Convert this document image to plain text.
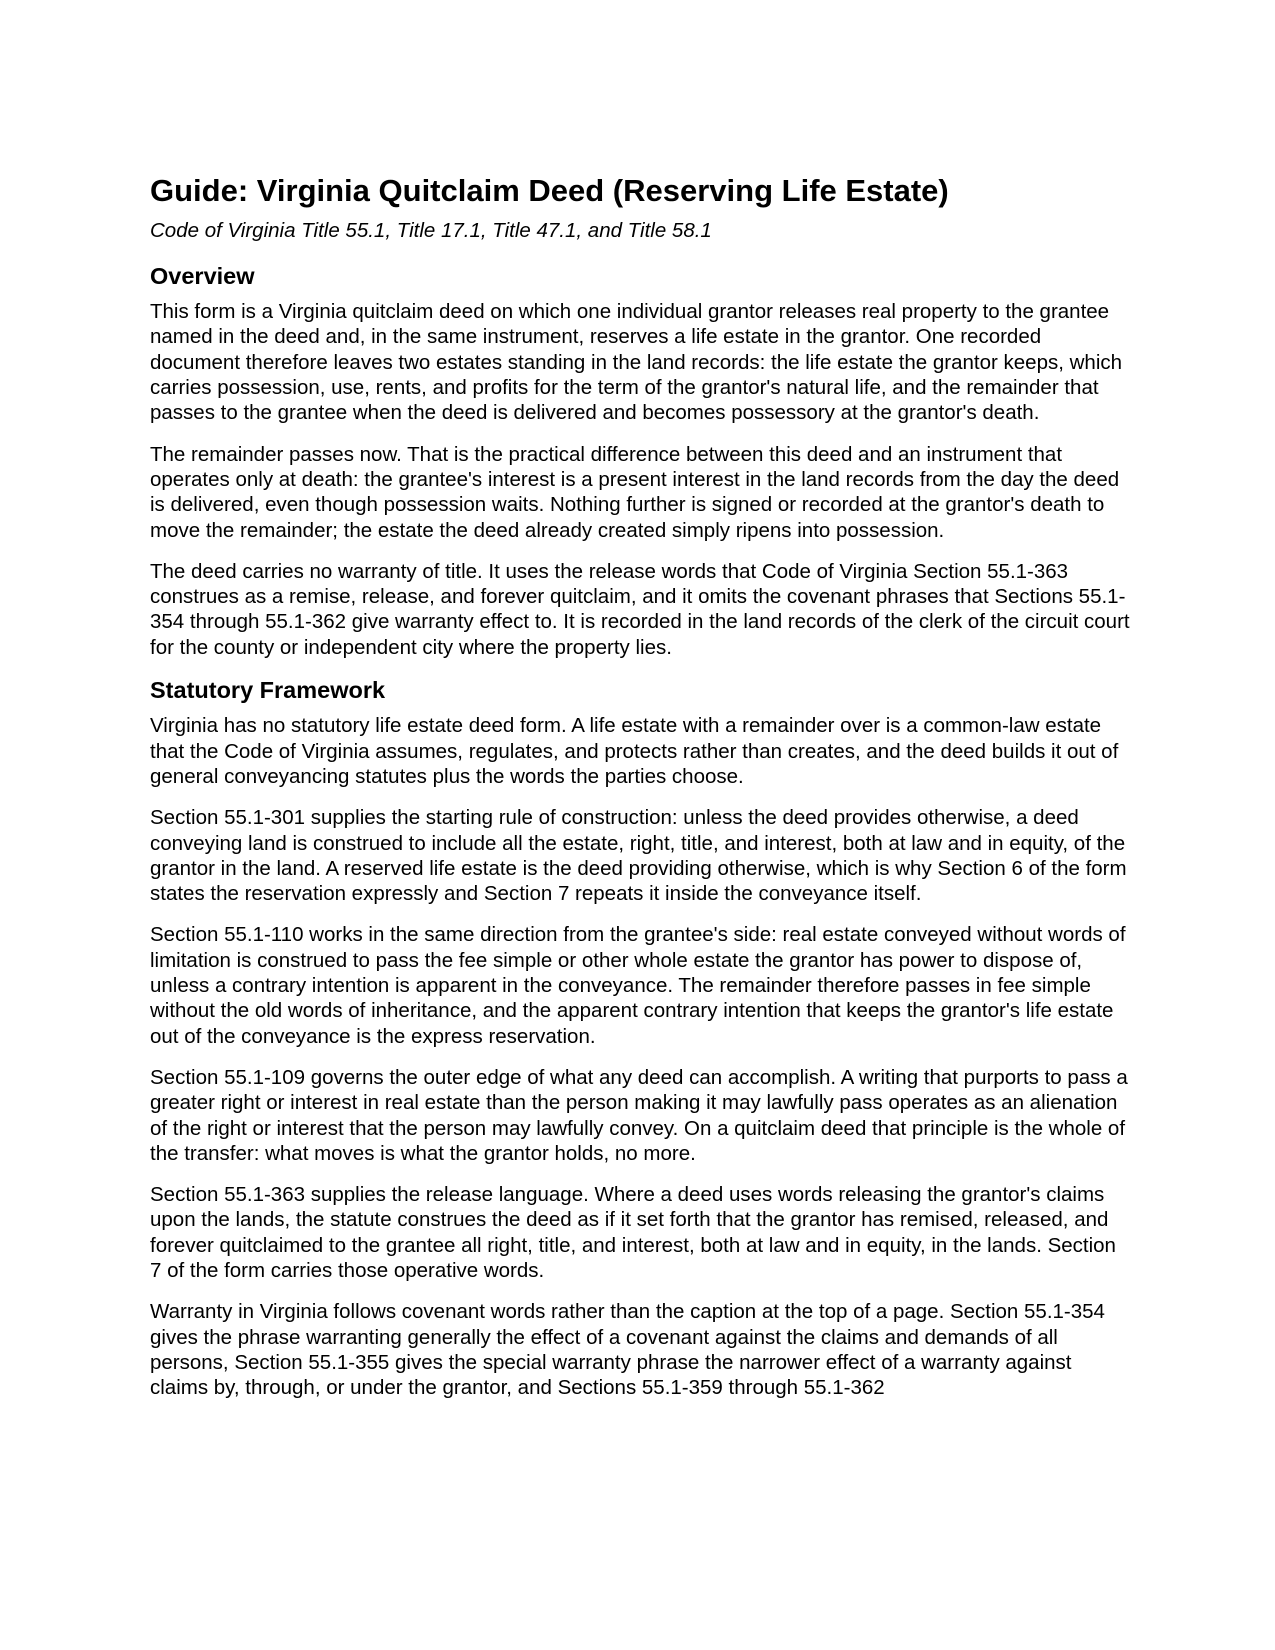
Guide: Virginia Quitclaim Deed (Reserving Life Estate)
Code of Virginia Title 55.1, Title 17.1, Title 47.1, and Title 58.1
Overview

This form is a Virginia quitclaim deed on which one individual grantor releases real property to the grantee named in the deed and, in the same instrument, reserves a life estate in the grantor. One recorded document therefore leaves two estates standing in the land records: the life estate the grantor keeps, which carries possession, use, rents, and profits for the term of the grantor's natural life, and the remainder that passes to the grantee when the deed is delivered and becomes possessory at the grantor's death.

The remainder passes now. That is the practical difference between this deed and an instrument that operates only at death: the grantee's interest is a present interest in the land records from the day the deed is delivered, even though possession waits. Nothing further is signed or recorded at the grantor's death to move the remainder; the estate the deed already created simply ripens into possession.

The deed carries no warranty of title. It uses the release words that Code of Virginia Section 55.1-363 construes as a remise, release, and forever quitclaim, and it omits the covenant phrases that Sections 55.1-354 through 55.1-362 give warranty effect to. It is recorded in the land records of the clerk of the circuit court for the county or independent city where the property lies.

Statutory Framework

Virginia has no statutory life estate deed form. A life estate with a remainder over is a common-law estate that the Code of Virginia assumes, regulates, and protects rather than creates, and the deed builds it out of general conveyancing statutes plus the words the parties choose.

Section 55.1-301 supplies the starting rule of construction: unless the deed provides otherwise, a deed conveying land is construed to include all the estate, right, title, and interest, both at law and in equity, of the grantor in the land. A reserved life estate is the deed providing otherwise, which is why Section 6 of the form states the reservation expressly and Section 7 repeats it inside the conveyance itself.

Section 55.1-110 works in the same direction from the grantee's side: real estate conveyed without words of limitation is construed to pass the fee simple or other whole estate the grantor has power to dispose of, unless a contrary intention is apparent in the conveyance. The remainder therefore passes in fee simple without the old words of inheritance, and the apparent contrary intention that keeps the grantor's life estate out of the conveyance is the express reservation.

Section 55.1-109 governs the outer edge of what any deed can accomplish. A writing that purports to pass a greater right or interest in real estate than the person making it may lawfully pass operates as an alienation of the right or interest that the person may lawfully convey. On a quitclaim deed that principle is the whole of the transfer: what moves is what the grantor holds, no more.

Section 55.1-363 supplies the release language. Where a deed uses words releasing the grantor's claims upon the lands, the statute construes the deed as if it set forth that the grantor has remised, released, and forever quitclaimed to the grantee all right, title, and interest, both at law and in equity, in the lands. Section 7 of the form carries those operative words.

Warranty in Virginia follows covenant words rather than the caption at the top of a page. Section 55.1-354 gives the phrase warranting generally the effect of a covenant against the claims and demands of all persons, Section 55.1-355 gives the special warranty phrase the narrower effect of a warranty against claims by, through, or under the grantor, and Sections 55.1-359 through 55.1-362
